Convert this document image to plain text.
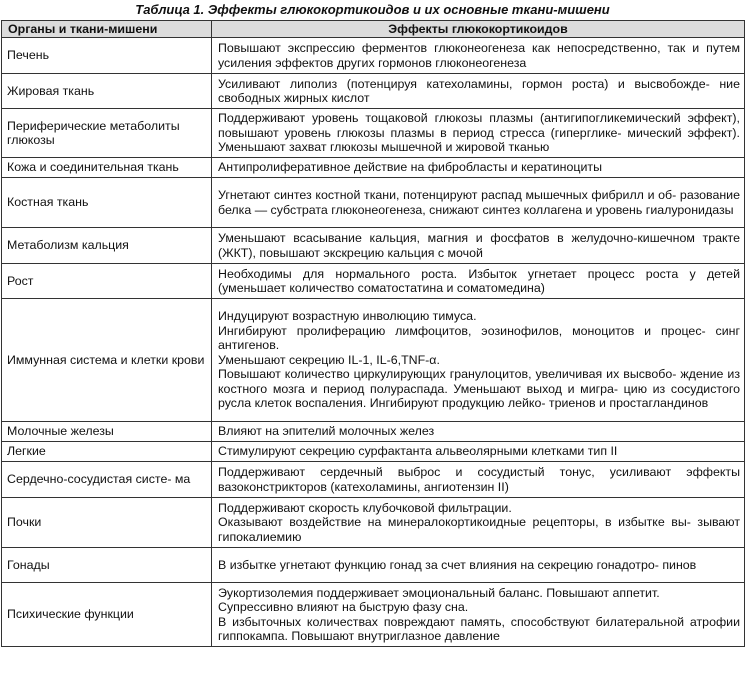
Таблица 1. Эффекты глюкокортикоидов и их основные ткани-мишени
Органы и ткани-мишени	Эффекты глюкокортикоидов
Печень	Повышают экспрессию ферментов глюконеогенеза как непосредственно, так и путем усиления эффектов других гормонов глюконеогенеза
Жировая ткань	Усиливают липолиз (потенцируя катехоламины, гормон роста) и высвобожде- ние свободных жирных кислот
Периферические метаболиты глюкозы	Поддерживают уровень тощаковой глюкозы плазмы (антигипогликемический эффект), повышают уровень глюкозы плазмы в период стресса (гипергликe- мический эффект). Уменьшают захват глюкозы мышечной и жировой тканью
Кожа и соединительная ткань	Антипролиферативное действие на фибробласты и кератиноциты
Костная ткань	Угнетают синтез костной ткани, потенцируют распад мышечных фибрилл и об- разование белка — субстрата глюконеогенеза, снижают синтез коллагена и уровень гиалуронидазы
Метаболизм кальция	Уменьшают всасывание кальция, магния и фосфатов в желудочно-кишечном тракте (ЖКТ), повышают экскрецию кальция с мочой
Рост	Необходимы для нормального роста. Избыток угнетает процесс роста у детей (уменьшает количество соматостатина и соматомедина)
Иммунная система и клетки крови	Индуцируют возрастную инволюцию тимуса.
Ингибируют пролиферацию лимфоцитов, эозинофилов, моноцитов и процес- синг антигенов.
Уменьшают секрецию IL-1, IL-6,TNF-α.
Повышают количество циркулирующих гранулоцитов, увеличивая их высвобо- ждение из костного мозга и период полураспада. Уменьшают выход и мигра- цию из сосудистого русла клеток воспаления. Ингибируют продукцию лейко- триенов и простагландинов

Молочные железы	Влияют на эпителий молочных желез
Легкие	Стимулируют секрецию сурфактанта альвеолярными клетками тип II
Сердечно-сосудистая систе- ма	Поддерживают сердечный выброс и сосудистый тонус, усиливают эффекты вазоконстрикторов (катехоламины, ангиотензин II)
Почки	Поддерживают скорость клубочковой фильтрации.
Оказывают воздействие на минералокортикоидные рецепторы, в избытке вы- зывают гипокалиемию

Гонады	В избытке угнетают функцию гонад за счет влияния на секрецию гонадотро- пинов
Психические функции	Эукортизолемия поддерживает эмоциональный баланс. Повышают аппетит.
Супрессивно влияют на быструю фазу сна.
В избыточных количествах повреждают память, способствуют билатеральной атрофии гиппокампа. Повышают внутриглазное давление
